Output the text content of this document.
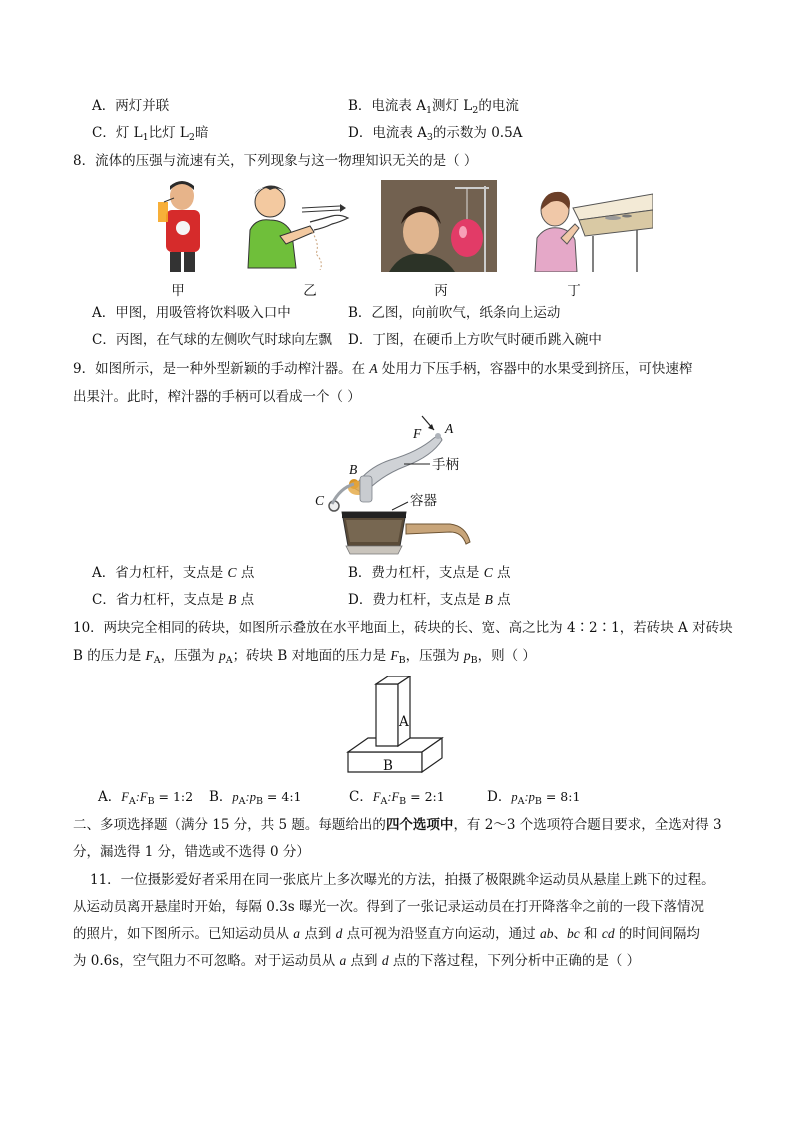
A．两灯并联	B．电流表 $A_1$测灯 $L_2$的电流
C．灯 $L_1$比灯 $L_2$暗	D．电流表 $A_3$的示数为 0.5A
8．流体的压强与流速有关，下列现象与这一物理知识无关的是（ ）
甲	乙	丙	丁
A．甲图，用吸管将饮料吸入口中	B．乙图，向前吹气，纸条向上运动
C．丙图，在气球的左侧吹气时球向左飘 D．丁图，在硬币上方吹气时硬币跳入碗中
9．如图所示，是一种外型新颖的手动榨汁器。在 A 处用力下压手柄，容器中的水果受到挤压，可快速榨
出果汁。此时，榨汁器的手柄可以看成一个（ ）
F A
手柄
B
C	容器
A．省力杠杆，支点是 C 点	B．费力杠杆，支点是 C 点
C．省力杠杆，支点是 B 点	D．费力杠杆，支点是 B 点
10．两块完全相同的砖块，如图所示叠放在水平地面上，砖块的长、宽、高之比为 4∶2∶1，若砖块 A 对砖块
B 的压力是 $F_A$，压强为 $p_A$；砖块 B 对地面的压力是 $F_B$，压强为 $p_B$，则（ ）
A
B
A．$F_A:F_B$ = 1:2 B．$p_A:p_B$ = 4:1	C．$F_A:F_B$ = 2:1	D．$p_A:p_B$ = 8:1
二、多项选择题（满分 15 分，共 5 题。每题给出的四个选项中，有 2～3 个选项符合题目要求，全选对得 3
分，漏选得 1 分，错选或不选得 0 分）
11．一位摄影爱好者采用在同一张底片上多次曝光的方法，拍摄了极限跳伞运动员从悬崖上跳下的过程。
从运动员离开悬崖时开始，每隔 0.3s 曝光一次。得到了一张记录运动员在打开降落伞之前的一段下落情况
的照片，如下图所示。已知运动员从 a 点到 d 点可视为沿竖直方向运动，通过 ab、bc 和 cd 的时间间隔均
为 0.6s，空气阻力不可忽略。对于运动员从 a 点到 d 点的下落过程，下列分析中正确的是（ ）
